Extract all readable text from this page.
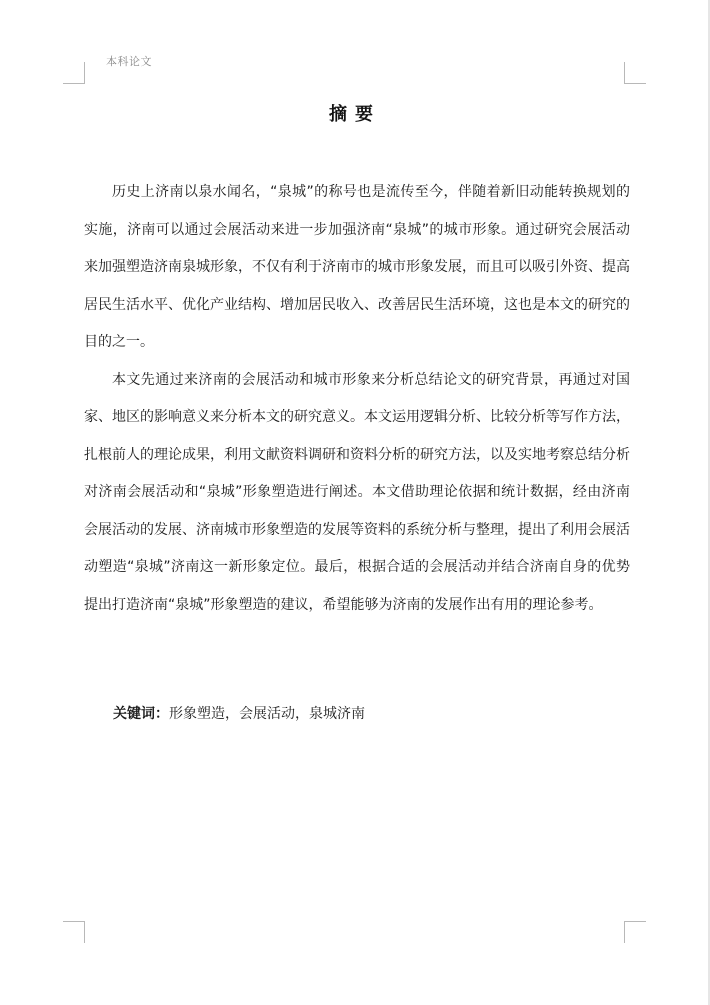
本科论文
摘要

历史上济南以泉水闻名，“泉城”的称号也是流传至今，伴随着新旧动能转换规划的实施，济南可以通过会展活动来进一步加强济南“泉城”的城市形象。通过研究会展活动来加强塑造济南泉城形象，不仅有利于济南市的城市形象发展，而且可以吸引外资、提高居民生活水平、优化产业结构、增加居民收入、改善居民生活环境，这也是本文的研究的目的之一。

本文先通过来济南的会展活动和城市形象来分析总结论文的研究背景，再通过对国家、地区的影响意义来分析本文的研究意义。本文运用逻辑分析、比较分析等写作方法，扎根前人的理论成果，利用文献资料调研和资料分析的研究方法，以及实地考察总结分析对济南会展活动和“泉城”形象塑造进行阐述。本文借助理论依据和统计数据，经由济南会展活动的发展、济南城市形象塑造的发展等资料的系统分析与整理，提出了利用会展活动塑造“泉城”济南这一新形象定位。最后，根据合适的会展活动并结合济南自身的优势提出打造济南“泉城”形象塑造的建议，希望能够为济南的发展作出有用的理论参考。

关键词：形象塑造，会展活动，泉城济南
